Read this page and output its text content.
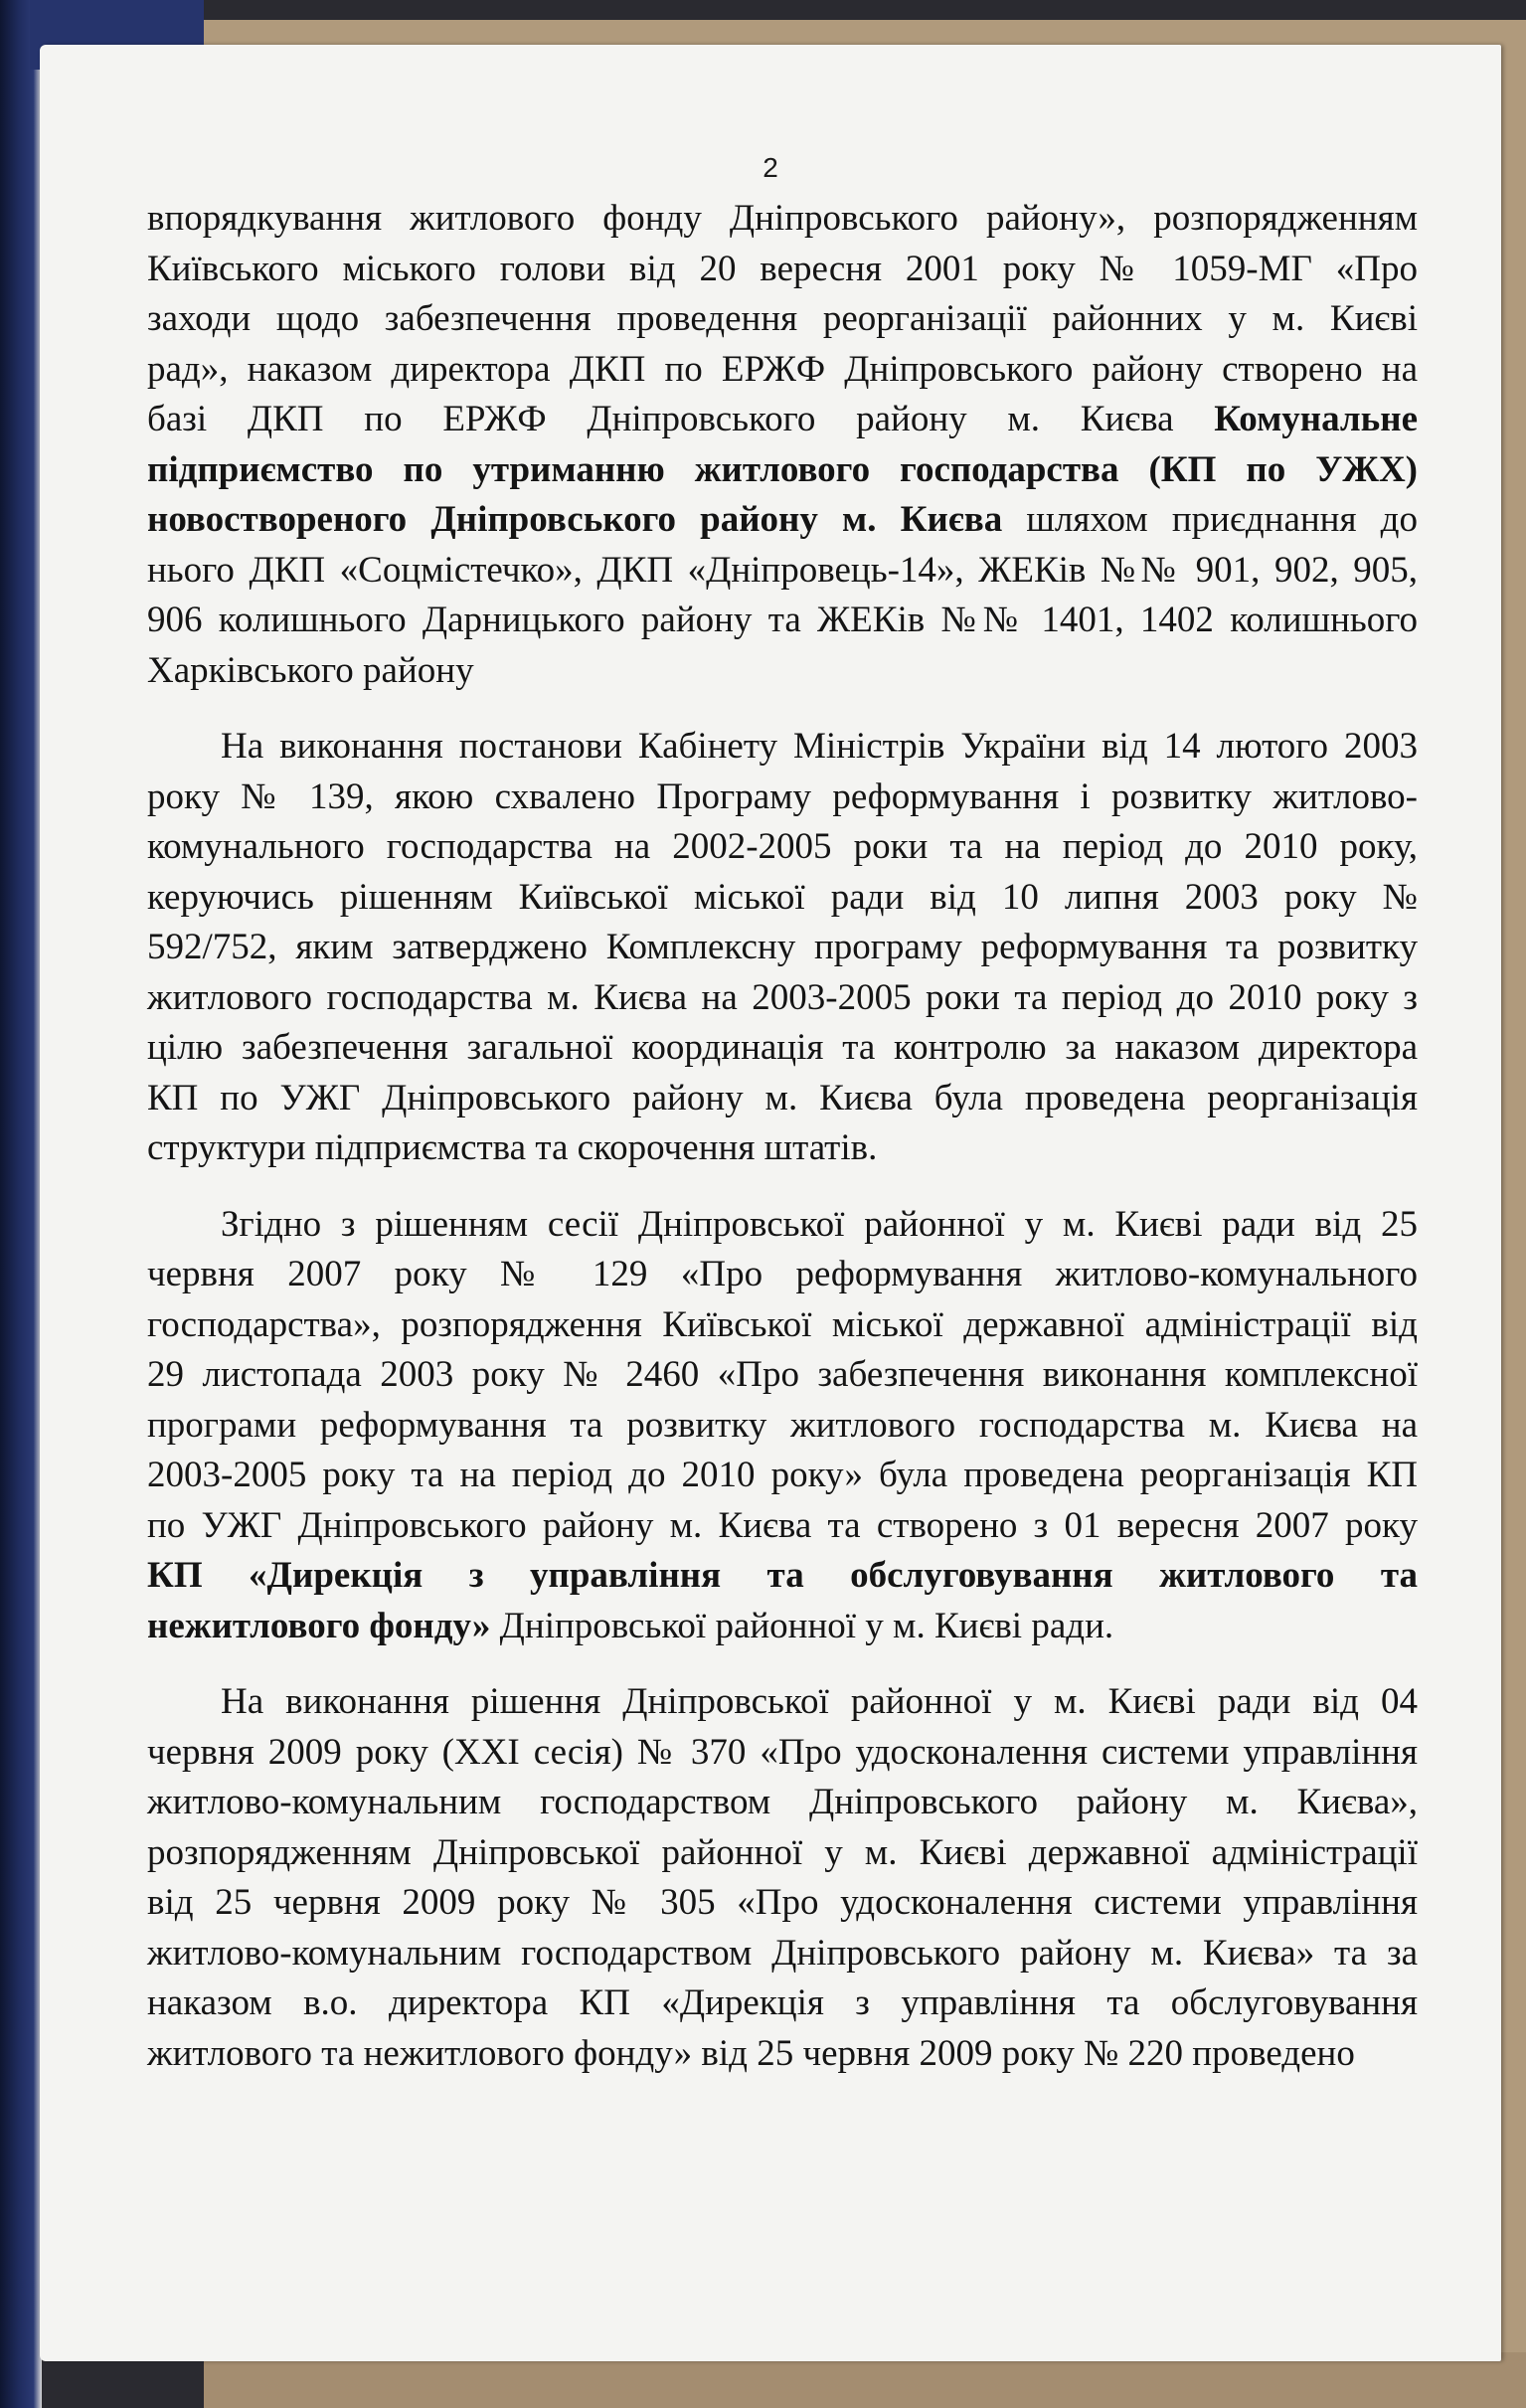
2
впорядкування житлового фонду Дніпровського району», розпорядженням
Київського міського голови від 20 вересня 2001 року № 1059-МГ «Про
заходи щодо забезпечення проведення реорганізації районних у м. Києві
рад», наказом директора ДКП по ЕРЖФ Дніпровського району створено на
базі ДКП по ЕРЖФ Дніпровського району м. Києва Комунальне
підприємство по утриманню житлового господарства (КП по УЖХ)
новоствореного Дніпровського району м. Києва шляхом приєднання до
нього ДКП «Соцмістечко», ДКП «Дніпровець-14», ЖЕКів №№ 901, 902, 905,
906 колишнього Дарницького району та ЖЕКів №№ 1401, 1402 колишнього
Харківського району
На виконання постанови Кабінету Міністрів України від 14 лютого 2003
року № 139, якою схвалено Програму реформування і розвитку житлово-
комунального господарства на 2002-2005 роки та на період до 2010 року,
керуючись рішенням Київської міської ради від 10 липня 2003 року №
592/752, яким затверджено Комплексну програму реформування та розвитку
житлового господарства м. Києва на 2003-2005 роки та період до 2010 року з
цілю забезпечення загальної координація та контролю за наказом директора
КП по УЖГ Дніпровського району м. Києва була проведена реорганізація
структури підприємства та скорочення штатів.
Згідно з рішенням сесії Дніпровської районної у м. Києві ради від 25
червня 2007 року № 129 «Про реформування житлово-комунального
господарства», розпорядження Київської міської державної адміністрації від
29 листопада 2003 року № 2460 «Про забезпечення виконання комплексної
програми реформування та розвитку житлового господарства м. Києва на
2003-2005 року та на період до 2010 року» була проведена реорганізація КП
по УЖГ Дніпровського району м. Києва та створено з 01 вересня 2007 року
КП «Дирекція з управління та обслуговування житлового та
нежитлового фонду» Дніпровської районної у м. Києві ради.
На виконання рішення Дніпровської районної у м. Києві ради від 04
червня 2009 року (XXI сесія) № 370 «Про удосконалення системи управління
житлово-комунальним господарством Дніпровського району м. Києва»,
розпорядженням Дніпровської районної у м. Києві державної адміністрації
від 25 червня 2009 року № 305 «Про удосконалення системи управління
житлово-комунальним господарством Дніпровського району м. Києва» та за
наказом в.о. директора КП «Дирекція з управління та обслуговування
житлового та нежитлового фонду» від 25 червня 2009 року № 220 проведено
